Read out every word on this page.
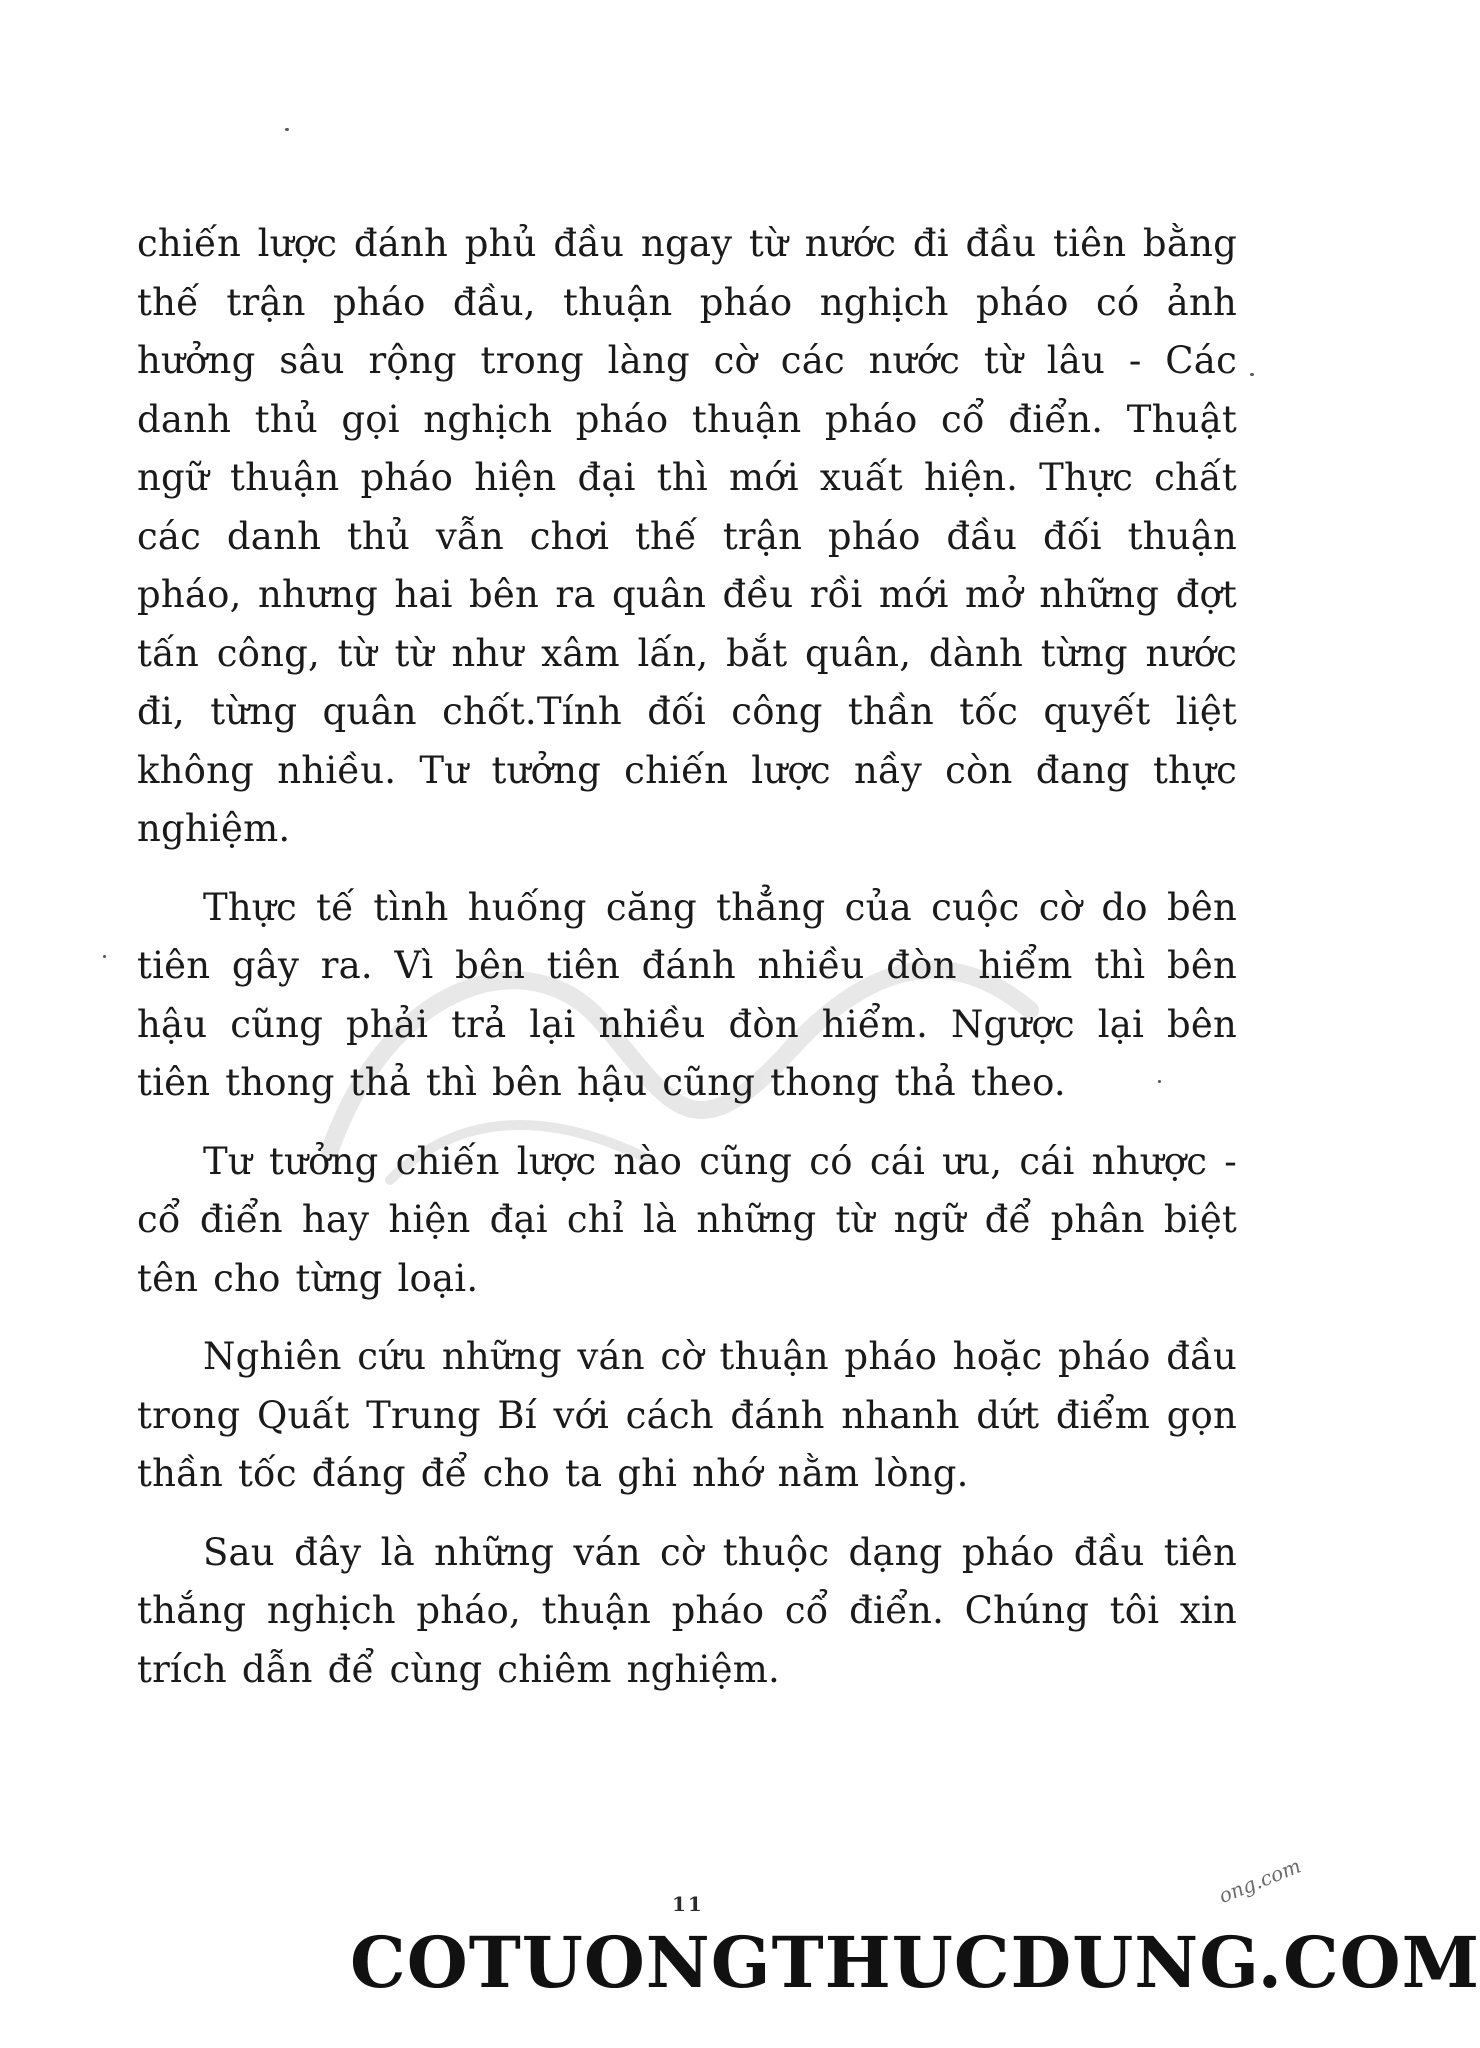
chiến lược đánh phủ đầu ngay từ nước đi đầu tiên bằng thế trận pháo đầu, thuận pháo nghịch pháo có ảnh hưởng sâu rộng trong làng cờ các nước từ lâu - Các danh thủ gọi nghịch pháo thuận pháo cổ điển. Thuật ngữ thuận pháo hiện đại thì mới xuất hiện. Thực chất các danh thủ vẫn chơi thế trận pháo đầu đối thuận pháo, nhưng hai bên ra quân đều rồi mới mở những đợt tấn công, từ từ như xâm lấn, bắt quân, dành từng nước đi, từng quân chốt.Tính đối công thần tốc quyết liệt không nhiều. Tư tưởng chiến lược nầy còn đang thực nghiệm.

Thực tế tình huống căng thẳng của cuộc cờ do bên tiên gây ra. Vì bên tiên đánh nhiều đòn hiểm thì bên hậu cũng phải trả lại nhiều đòn hiểm. Ngược lại bên tiên thong thả thì bên hậu cũng thong thả theo.

Tư tưởng chiến lược nào cũng có cái ưu, cái nhược - cổ điển hay hiện đại chỉ là những từ ngữ để phân biệt tên cho từng loại.

Nghiên cứu những ván cờ thuận pháo hoặc pháo đầu trong Quất Trung Bí với cách đánh nhanh dứt điểm gọn thần tốc đáng để cho ta ghi nhớ nằm lòng.

Sau đây là những ván cờ thuộc dạng pháo đầu tiên thắng nghịch pháo, thuận pháo cổ điển. Chúng tôi xin trích dẫn để cùng chiêm nghiệm.

11	ong.com
COTUONGTHUCDUNG.COM
